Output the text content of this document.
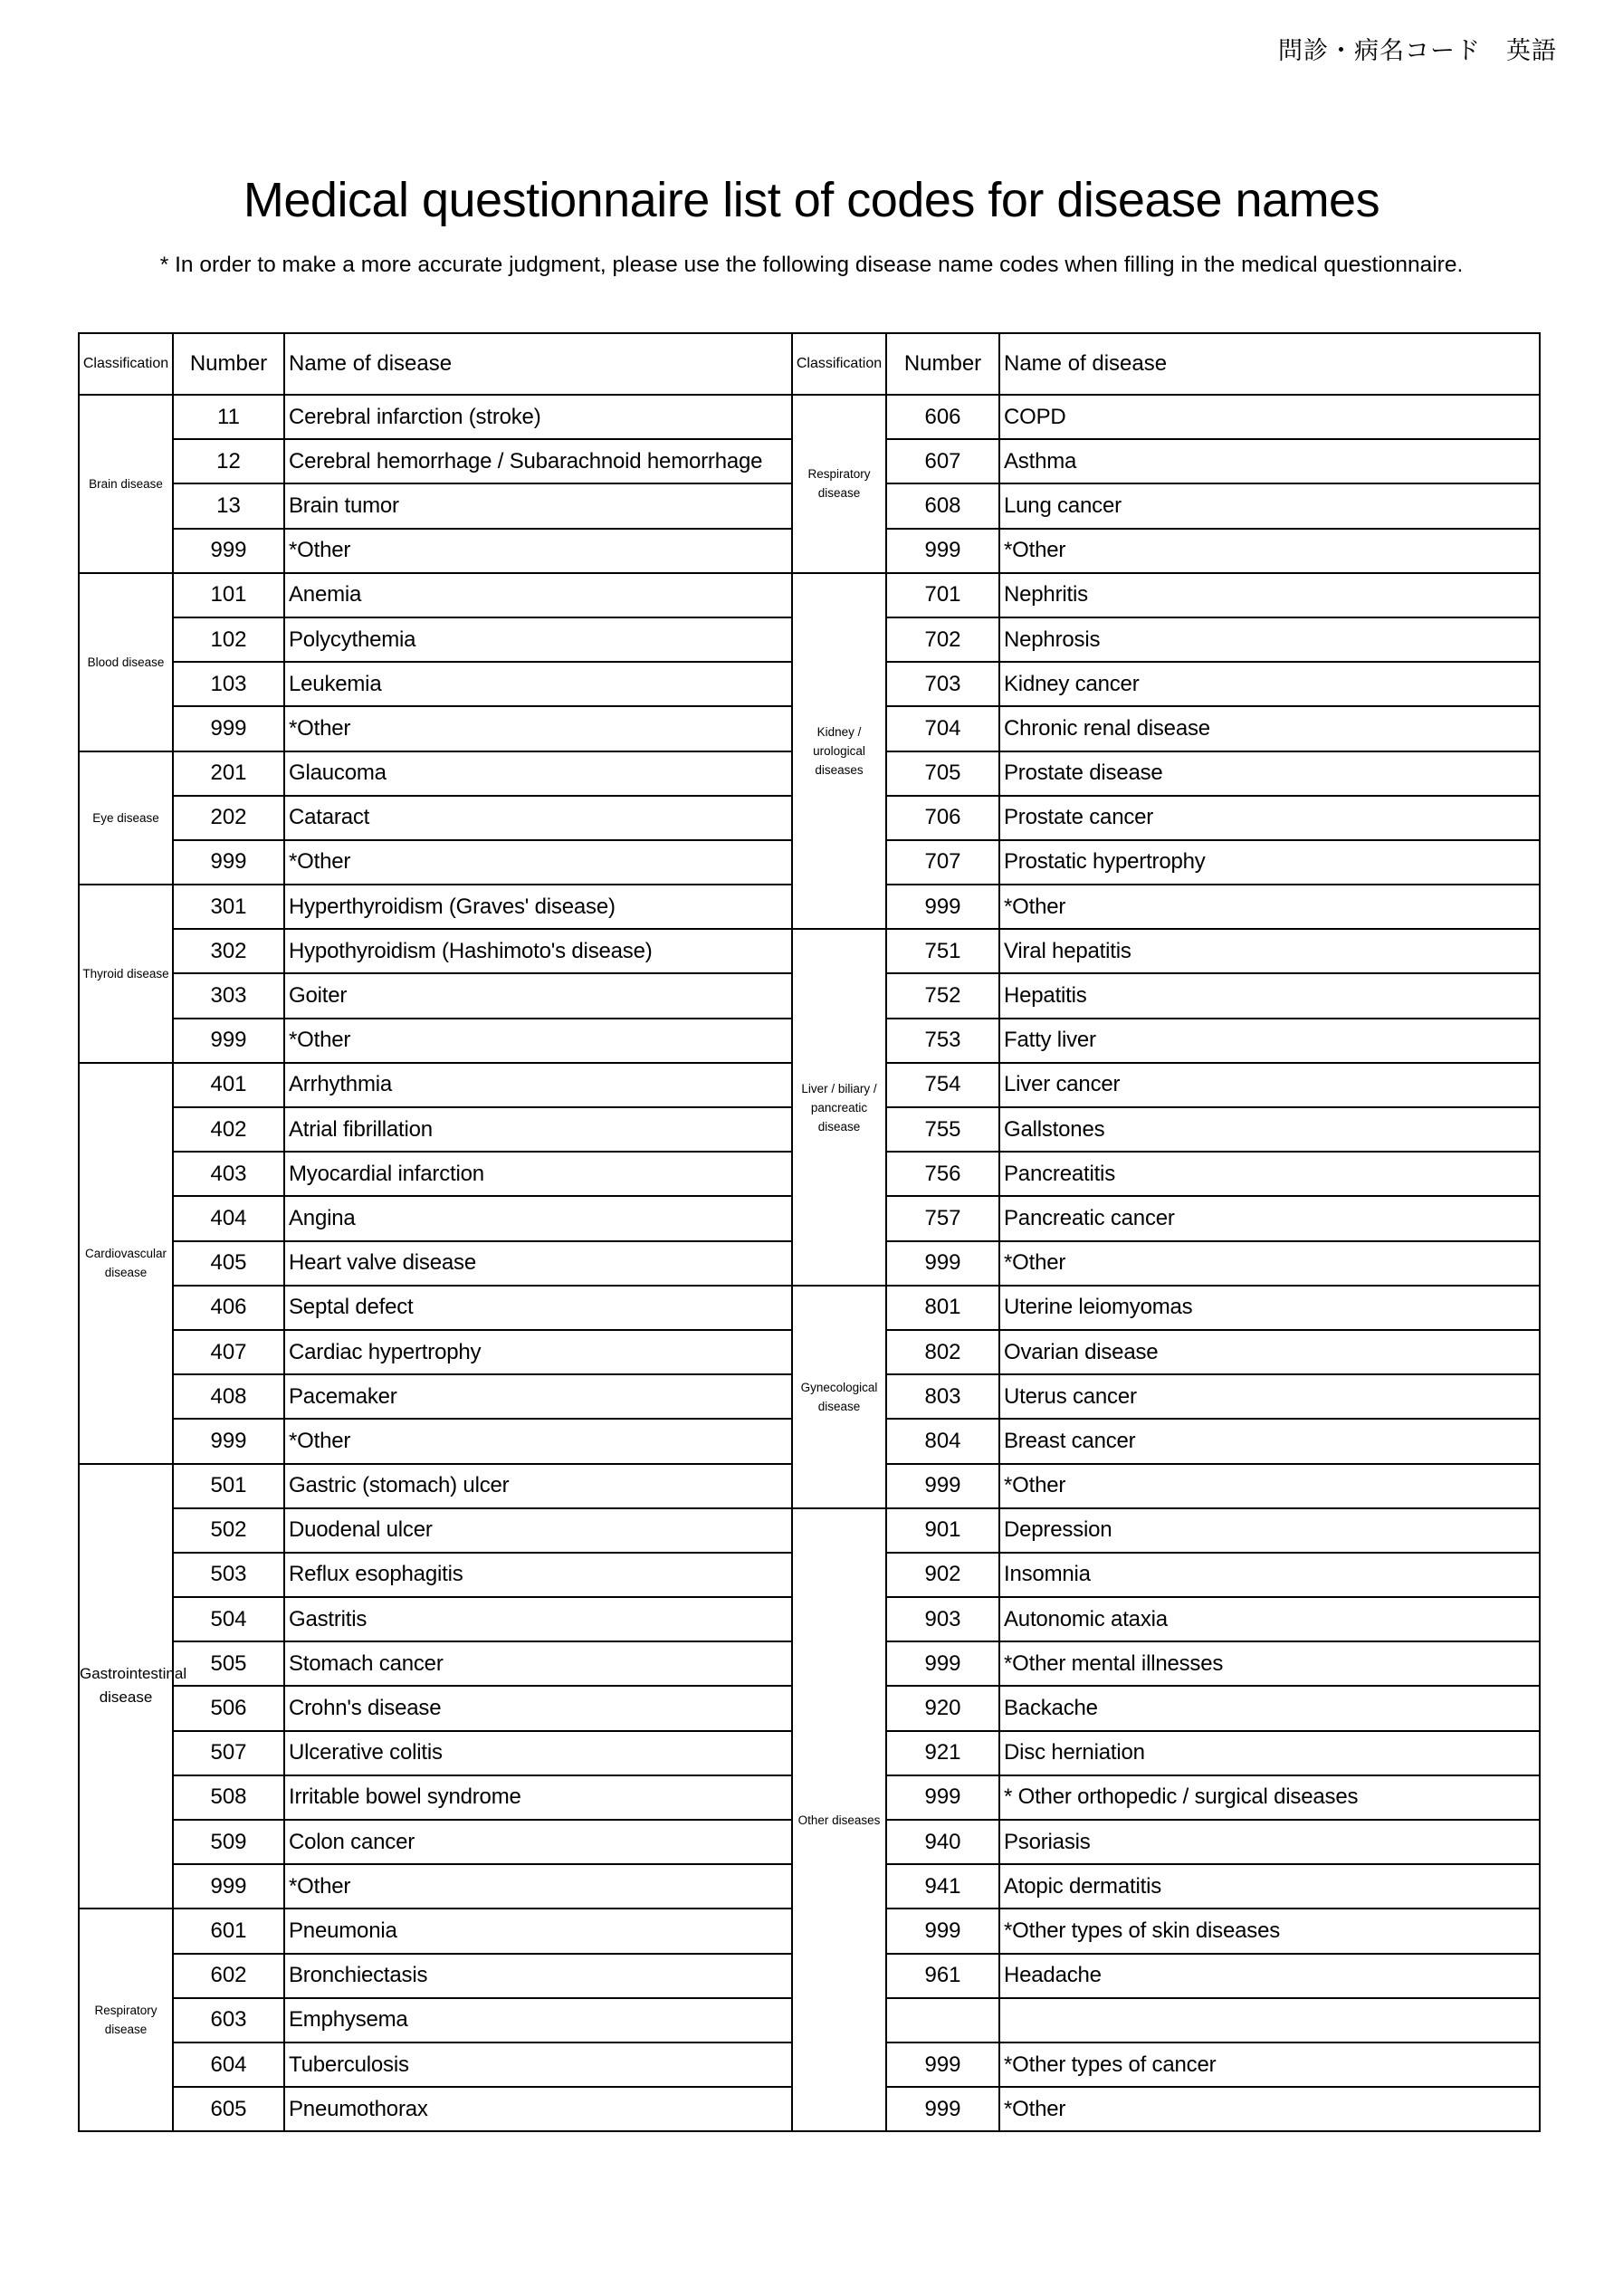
問診・病名コード　英語
Medical questionnaire list of codes for disease names

* In order to make a more accurate judgment, please use the following disease name codes when filling in the medical questionnaire.

Classification	Number	Name of disease	Classification	Number	Name of disease
Brain disease	11	Cerebral infarction (stroke)	Respiratory disease	606	COPD
	12	Cerebral hemorrhage / Subarachnoid hemorrhage		607	Asthma
	13	Brain tumor		608	Lung cancer
	999	*Other		999	*Other
Blood disease	101	Anemia	Kidney / urological diseases	701	Nephritis
	102	Polycythemia		702	Nephrosis
	103	Leukemia		703	Kidney cancer
	999	*Other		704	Chronic renal disease
Eye disease	201	Glaucoma		705	Prostate disease
	202	Cataract		706	Prostate cancer
	999	*Other		707	Prostatic hypertrophy
Thyroid disease	301	Hyperthyroidism (Graves' disease)		999	*Other
	302	Hypothyroidism (Hashimoto's disease)	Liver / biliary / pancreatic disease	751	Viral hepatitis
	303	Goiter		752	Hepatitis
	999	*Other		753	Fatty liver
Cardiovascular disease	401	Arrhythmia		754	Liver cancer
	402	Atrial fibrillation		755	Gallstones
	403	Myocardial infarction		756	Pancreatitis
	404	Angina		757	Pancreatic cancer
	405	Heart valve disease		999	*Other
	406	Septal defect	Gynecological disease	801	Uterine leiomyomas
	407	Cardiac hypertrophy		802	Ovarian disease
	408	Pacemaker		803	Uterus cancer
	999	*Other		804	Breast cancer
Gastrointestinal disease	501	Gastric (stomach) ulcer		999	*Other
	502	Duodenal ulcer	Other diseases	901	Depression
	503	Reflux esophagitis		902	Insomnia
	504	Gastritis		903	Autonomic ataxia
	505	Stomach cancer		999	*Other mental illnesses
	506	Crohn's disease		920	Backache
	507	Ulcerative colitis		921	Disc herniation
	508	Irritable bowel syndrome		999	* Other orthopedic / surgical diseases
	509	Colon cancer		940	Psoriasis
	999	*Other		941	Atopic dermatitis
Respiratory disease	601	Pneumonia		999	*Other types of skin diseases
	602	Bronchiectasis		961	Headache
	603	Emphysema			
	604	Tuberculosis		999	*Other types of cancer
	605	Pneumothorax		999	*Other
